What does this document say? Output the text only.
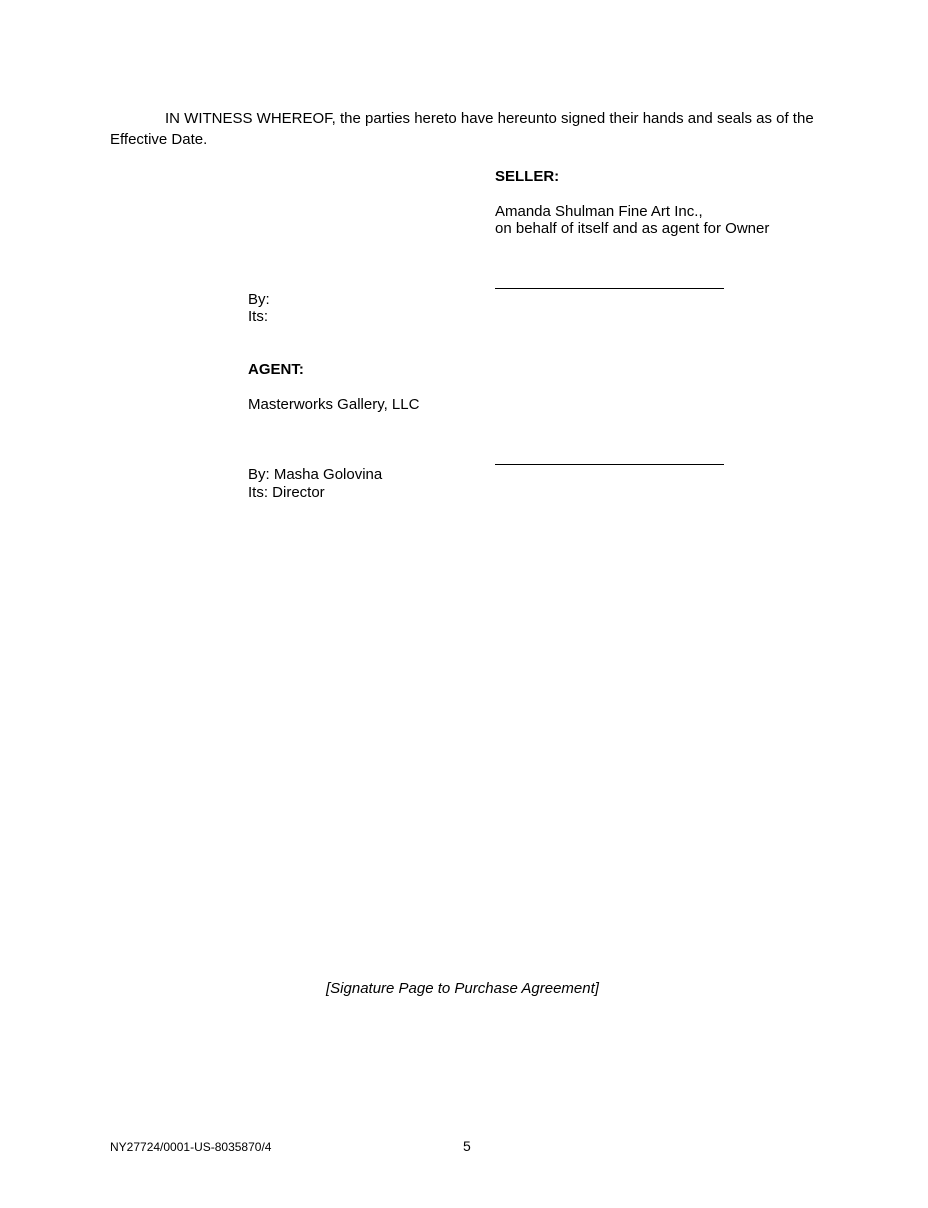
IN WITNESS WHEREOF, the parties hereto have hereunto signed their hands and seals as of the
Effective Date.
SELLER:
Amanda Shulman Fine Art Inc.,
on behalf of itself and as agent for Owner
By:
Its:
AGENT:
Masterworks Gallery, LLC
By: Masha Golovina
Its: Director
[Signature Page to Purchase Agreement]
NY27724/0001-US-8035870/4	5
